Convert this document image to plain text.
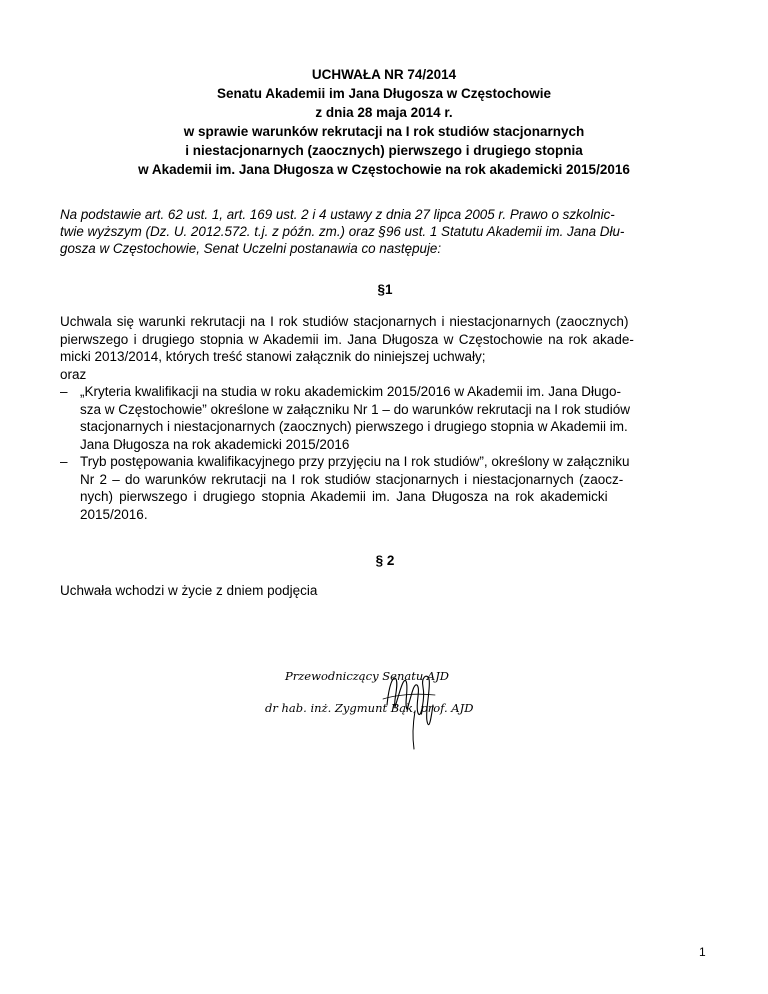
UCHWAŁA NR 74/2014
Senatu Akademii im Jana Długosza w Częstochowie
z dnia 28 maja 2014 r.
w sprawie warunków rekrutacji na I rok studiów stacjonarnych
i niestacjonarnych (zaocznych) pierwszego i drugiego stopnia
w Akademii im. Jana Długosza w Częstochowie na rok akademicki 2015/2016
Na podstawie art. 62 ust. 1, art. 169 ust. 2 i 4 ustawy z dnia 27 lipca 2005 r. Prawo o szkolnic-
twie wyższym (Dz. U. 2012.572. t.j. z późn. zm.) oraz §96 ust. 1 Statutu Akademii im. Jana Dłu-
gosza w Częstochowie, Senat Uczelni postanawia co następuje:
§1
Uchwala się warunki rekrutacji na I rok studiów stacjonarnych i niestacjonarnych (zaocznych)
pierwszego i drugiego stopnia w Akademii im. Jana Długosza w Częstochowie na rok akade-
micki 2013/2014, których treść stanowi załącznik do niniejszej uchwały;
oraz
– „Kryteria kwalifikacji na studia w roku akademickim 2015/2016 w Akademii im. Jana Długo-
sza w Częstochowie” określone w załączniku Nr 1 – do warunków rekrutacji na I rok studiów
stacjonarnych i niestacjonarnych (zaocznych) pierwszego i drugiego stopnia w Akademii im.
Jana Długosza na rok akademicki 2015/2016
– Tryb postępowania kwalifikacyjnego przy przyjęciu na I rok studiów”, określony w załączniku
Nr 2 – do warunków rekrutacji na I rok studiów stacjonarnych i niestacjonarnych (zaocz-
nych) pierwszego i drugiego stopnia Akademii im. Jana Długosza na rok akademicki
2015/2016.
§ 2
Uchwała wchodzi w życie z dniem podjęcia
Przewodniczący Senatu AJD
dr hab. inż. Zygmunt Bąk, prof. AJD
1
